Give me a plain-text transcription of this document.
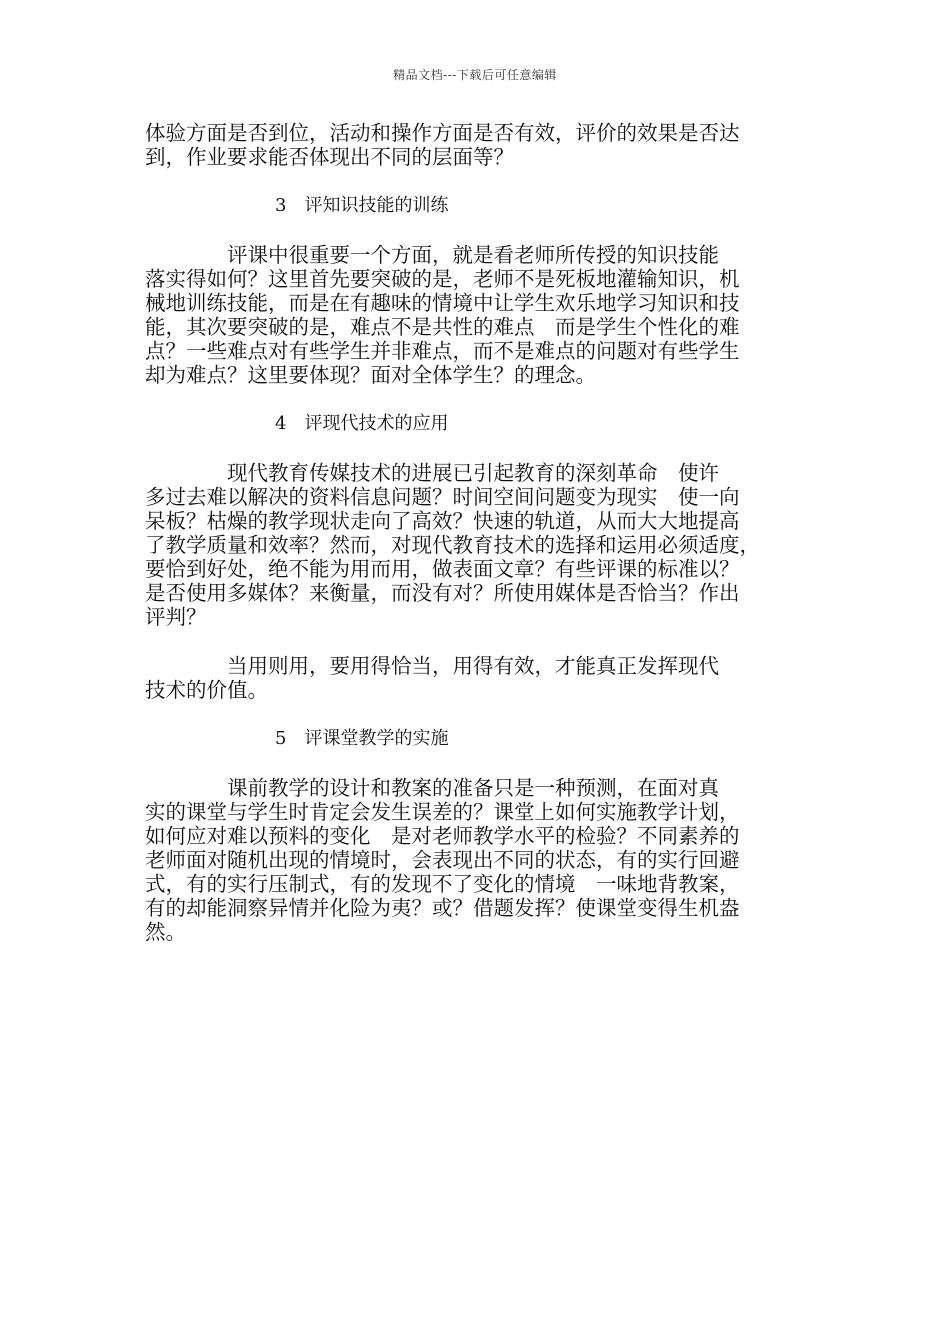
精品文档---下载后可任意编辑
体验方面是否到位，活动和操作方面是否有效，评价的效果是否达
到，作业要求能否体现出不同的层面等？
3　评知识技能的训练
　　　　评课中很重要一个方面，就是看老师所传授的知识技能
落实得如何？这里首先要突破的是，老师不是死板地灌输知识，机
械地训练技能，而是在有趣味的情境中让学生欢乐地学习知识和技
能，其次要突破的是，难点不是共性的难点　而是学生个性化的难
点？一些难点对有些学生并非难点，而不是难点的问题对有些学生
却为难点？这里要体现？面对全体学生？的理念。
4　评现代技术的应用
　　　　现代教育传媒技术的进展已引起教育的深刻革命　使许
多过去难以解决的资料信息问题？时间空间问题变为现实　使一向
呆板？枯燥的教学现状走向了高效？快速的轨道，从而大大地提高
了教学质量和效率？然而，对现代教育技术的选择和运用必须适度，
要恰到好处，绝不能为用而用，做表面文章？有些评课的标准以？
是否使用多媒体？来衡量，而没有对？所使用媒体是否恰当？作出
评判？
　　　　当用则用，要用得恰当，用得有效，才能真正发挥现代
技术的价值。
5　评课堂教学的实施
　　　　课前教学的设计和教案的准备只是一种预测，在面对真
实的课堂与学生时肯定会发生误差的？课堂上如何实施教学计划，
如何应对难以预料的变化　是对老师教学水平的检验？不同素养的
老师面对随机出现的情境时，会表现出不同的状态，有的实行回避
式，有的实行压制式，有的发现不了变化的情境　一味地背教案，
有的却能洞察异情并化险为夷？或？借题发挥？使课堂变得生机盎
然。
